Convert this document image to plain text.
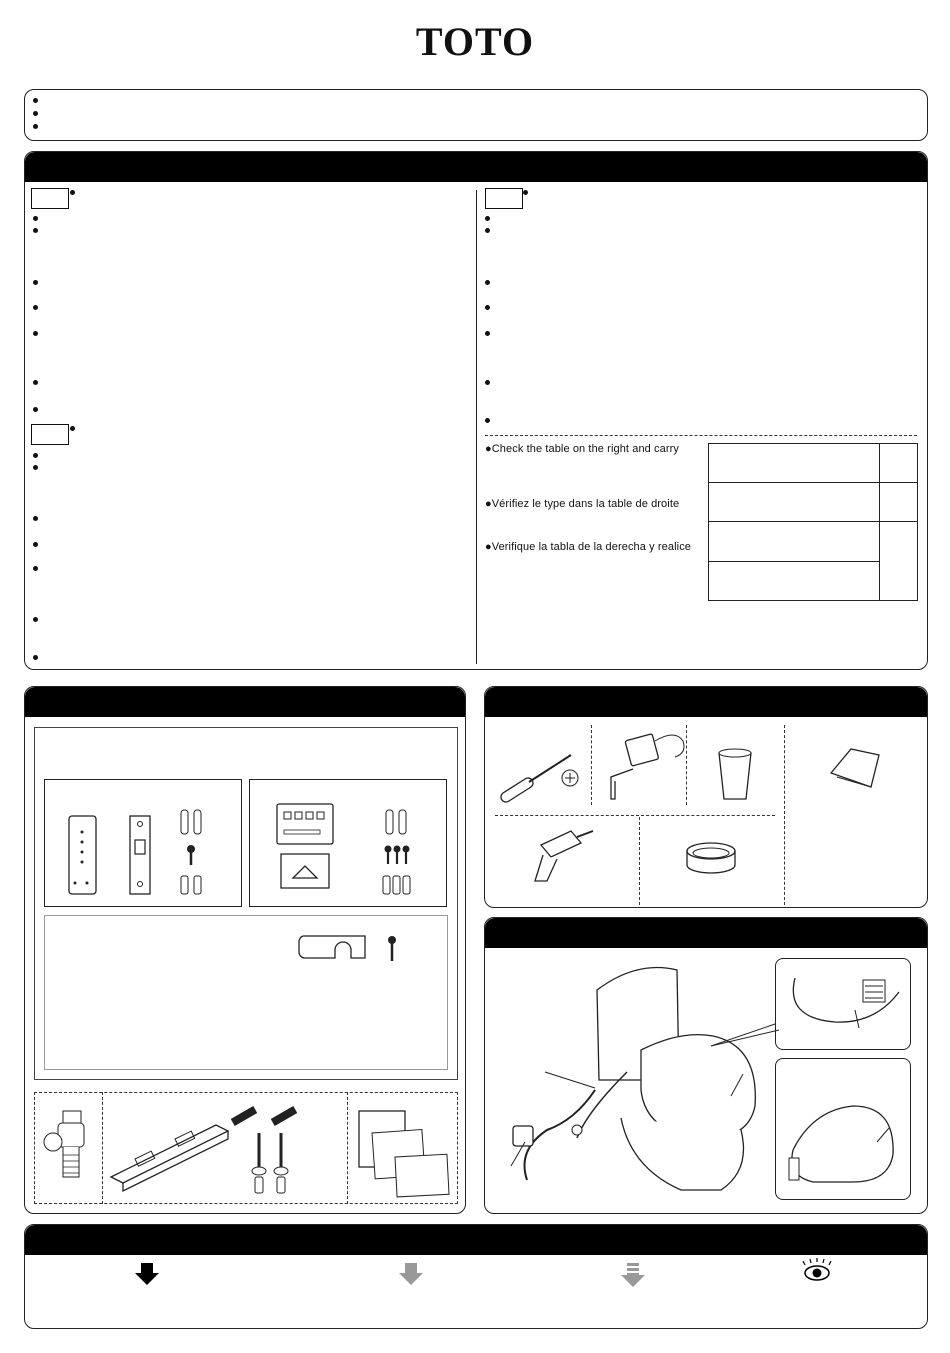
TOTO
●Check the table on the right and carry
●Vérifiez le type dans la table de droite
●Verifique la tabla de la derecha y realice
